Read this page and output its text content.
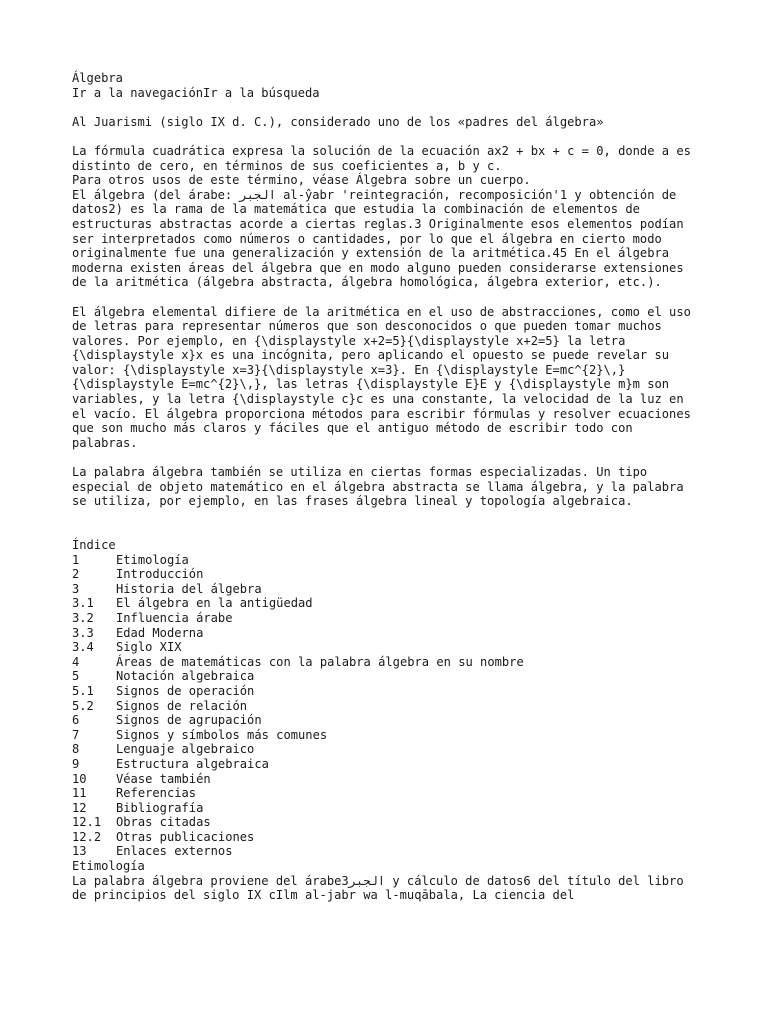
Álgebra

Ir a la navegaciónIr a la búsqueda

Al Juarismi (siglo IX d. C.), considerado uno de los «padres del álgebra»

La fórmula cuadrática expresa la solución de la ecuación ax2 + bx + c = 0, donde a es distinto de cero, en términos de sus coeficientes a, b y c.

Para otros usos de este término, véase Álgebra sobre un cuerpo.

El álgebra (del árabe: الجبر al-ŷabr 'reintegración, recomposición'1 y obtención de datos2) es la rama de la matemática que estudia la combinación de elementos de estructuras abstractas acorde a ciertas reglas.3 Originalmente esos elementos podían ser interpretados como números o cantidades, por lo que el álgebra en cierto modo originalmente fue una generalización y extensión de la aritmética.45 En el álgebra moderna existen áreas del álgebra que en modo alguno pueden considerarse extensiones de la aritmética (álgebra abstracta, álgebra homológica, álgebra exterior, etc.).

El álgebra elemental difiere de la aritmética en el uso de abstracciones, como el uso de letras para representar números que son desconocidos o que pueden tomar muchos valores. Por ejemplo, en {\displaystyle x+2=5}{\displaystyle x+2=5} la letra {\displaystyle x}x es una incógnita, pero aplicando el opuesto se puede revelar su valor: {\displaystyle x=3}{\displaystyle x=3}. En {\displaystyle E=mc^{2}\,}{\displaystyle E=mc^{2}\,}, las letras {\displaystyle E}E y {\displaystyle m}m son variables, y la letra {\displaystyle c}c es una constante, la velocidad de la luz en el vacío. El álgebra proporciona métodos para escribir fórmulas y resolver ecuaciones que son mucho más claros y fáciles que el antiguo método de escribir todo con palabras.

La palabra álgebra también se utiliza en ciertas formas especializadas. Un tipo especial de objeto matemático en el álgebra abstracta se llama álgebra, y la palabra se utiliza, por ejemplo, en las frases álgebra lineal y topología algebraica.

Índice

1	Etimología
2	Introducción
3	Historia del álgebra
3.1	El álgebra en la antigüedad
3.2	Influencia árabe
3.3	Edad Moderna
3.4	Siglo XIX
4	Áreas de matemáticas con la palabra álgebra en su nombre
5	Notación algebraica
5.1	Signos de operación
5.2	Signos de relación
6	Signos de agrupación
7	Signos y símbolos más comunes
8	Lenguaje algebraico
9	Estructura algebraica
10	Véase también
11	Referencias
12	Bibliografía
12.1	Obras citadas
12.2	Otras publicaciones
13	Enlaces externos

Etimología

La palabra álgebra proviene del árabe3الجبر y cálculo de datos6 del título del libro de principios del siglo IX cIlm al-jabr wa l-muqābala, La ciencia del
